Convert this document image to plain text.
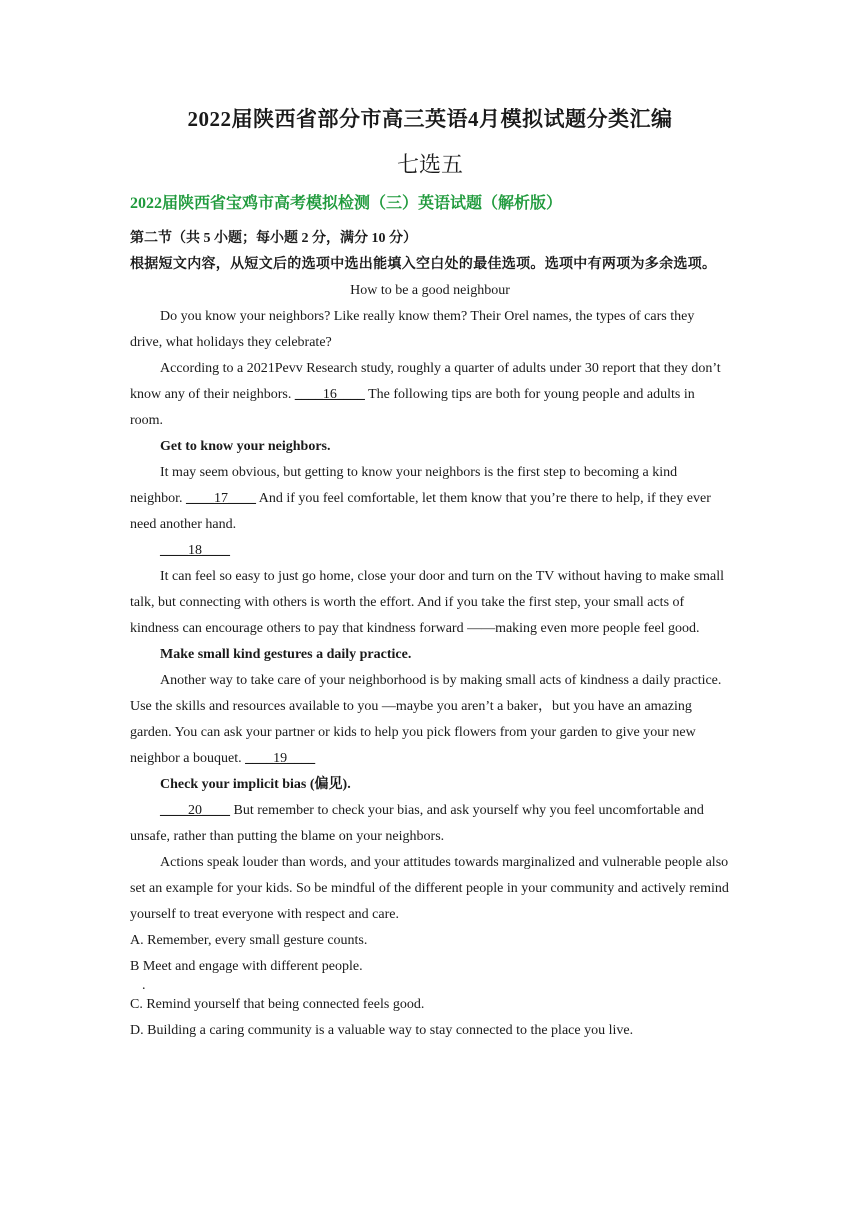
2022届陕西省部分市高三英语4月模拟试题分类汇编
七选五
2022届陕西省宝鸡市高考模拟检测（三）英语试题（解析版）

第二节（共 5 小题；每小题 2 分，满分 10 分）

根据短文内容，从短文后的选项中选出能填入空白处的最佳选项。选项中有两项为多余选项。

How to be a good neighbour

Do you know your neighbors? Like really know them? Their Orel names, the types of cars they drive, what holidays they celebrate?

According to a 2021Pevv Research study, roughly a quarter of adults under 30 report that they don’t know any of their neighbors. ____16____ The following tips are both for young people and adults in room.

Get to know your neighbors.

It may seem obvious, but getting to know your neighbors is the first step to becoming a kind neighbor. ____17____ And if you feel comfortable, let them know that you’re there to help, if they ever need another hand.

____18____

It can feel so easy to just go home, close your door and turn on the TV without having to make small talk, but connecting with others is worth the effort. And if you take the first step, your small acts of kindness can encourage others to pay that kindness forward ——making even more people feel good.

Make small kind gestures a daily practice.

Another way to take care of your neighborhood is by making small acts of kindness a daily practice. Use the skills and resources available to you —maybe you aren’t a baker，but you have an amazing garden. You can ask your partner or kids to help you pick flowers from your garden to give your new neighbor a bouquet. ____19____

Check your implicit bias (偏见).

____20____ But remember to check your bias, and ask yourself why you feel uncomfortable and unsafe, rather than putting the blame on your neighbors.

Actions speak louder than words, and your attitudes towards marginalized and vulnerable people also set an example for your kids. So be mindful of the different people in your community and actively remind yourself to treat everyone with respect and care.

A. Remember, every small gesture counts.

B Meet and engage with different people.

.

C. Remind yourself that being connected feels good.

D. Building a caring community is a valuable way to stay connected to the place you live.
